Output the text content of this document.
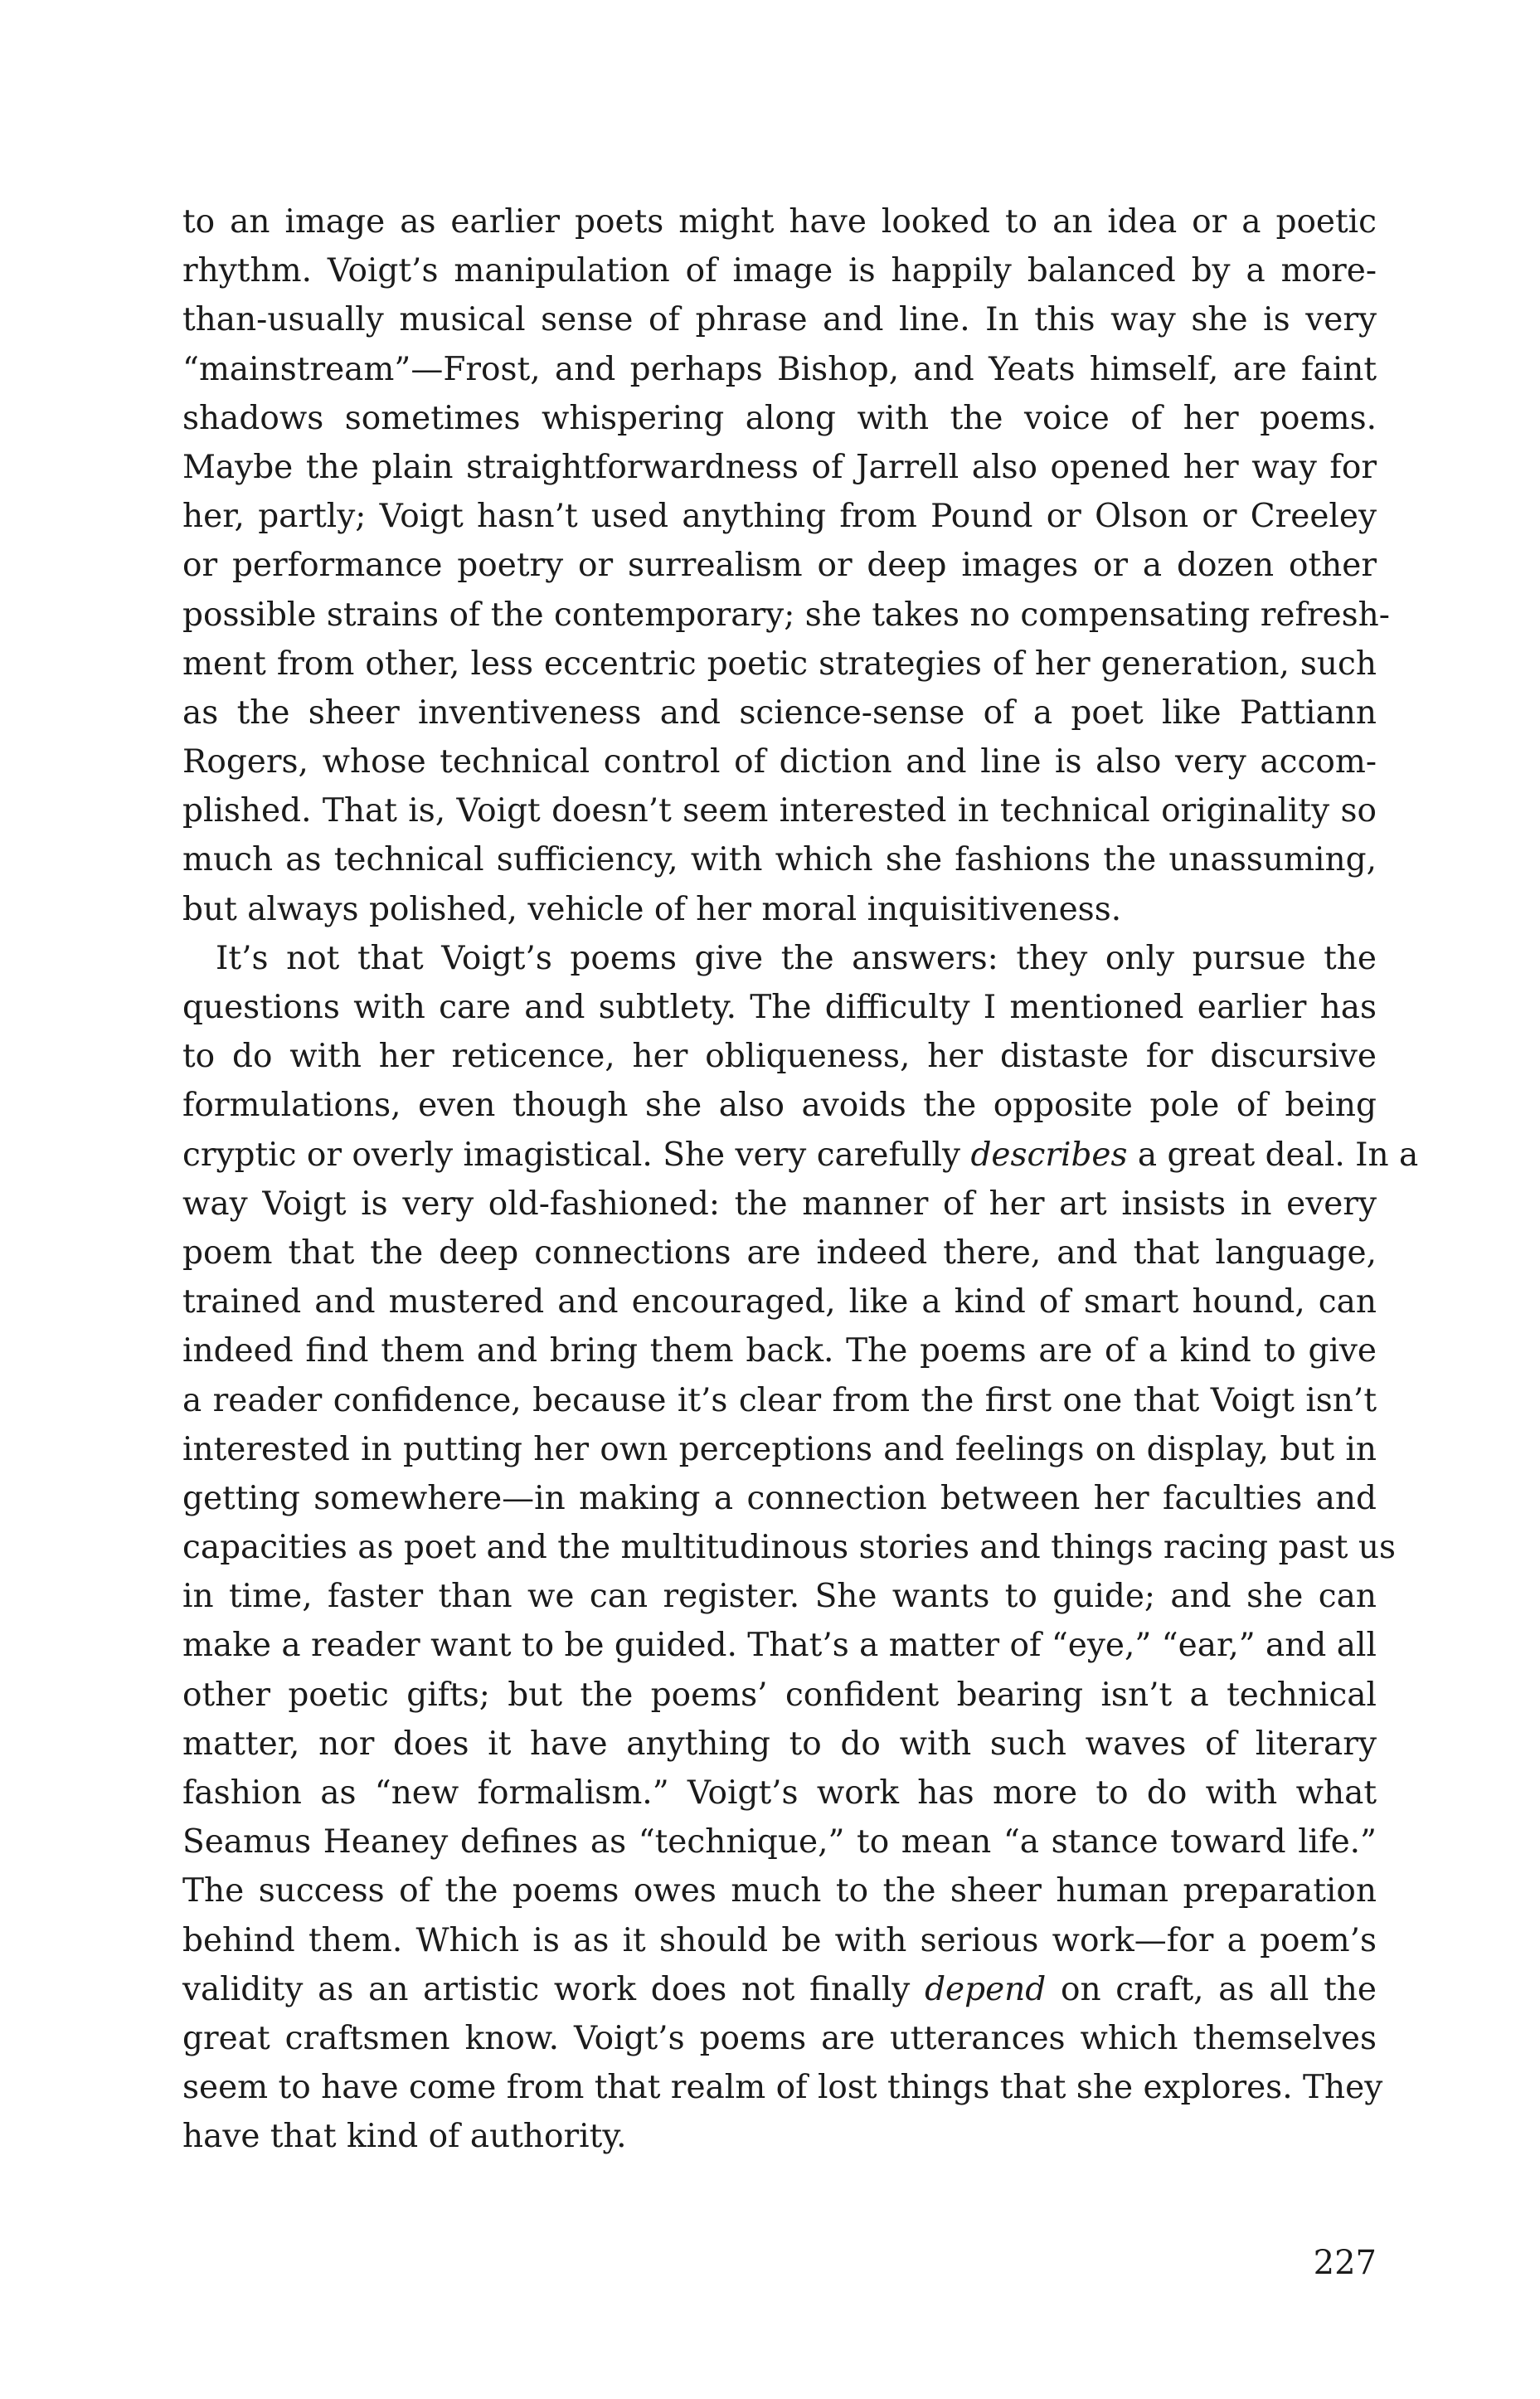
to an image as earlier poets might have looked to an idea or a poetic
rhythm. Voigt’s manipulation of image is happily balanced by a more-
than-usually musical sense of phrase and line. In this way she is very
“mainstream”—Frost, and perhaps Bishop, and Yeats himself, are faint
shadows sometimes whispering along with the voice of her poems.
Maybe the plain straightforwardness of Jarrell also opened her way for
her, partly; Voigt hasn’t used anything from Pound or Olson or Creeley
or performance poetry or surrealism or deep images or a dozen other
possible strains of the contemporary; she takes no compensating refresh-
ment from other, less eccentric poetic strategies of her generation, such
as the sheer inventiveness and science-sense of a poet like Pattiann
Rogers, whose technical control of diction and line is also very accom-
plished. That is, Voigt doesn’t seem interested in technical originality so
much as technical sufficiency, with which she fashions the unassuming,
but always polished, vehicle of her moral inquisitiveness.
It’s not that Voigt’s poems give the answers: they only pursue the
questions with care and subtlety. The difficulty I mentioned earlier has
to do with her reticence, her obliqueness, her distaste for discursive
formulations, even though she also avoids the opposite pole of being
cryptic or overly imagistical. She very carefully describes a great deal. In a
way Voigt is very old-fashioned: the manner of her art insists in every
poem that the deep connections are indeed there, and that language,
trained and mustered and encouraged, like a kind of smart hound, can
indeed find them and bring them back. The poems are of a kind to give
a reader confidence, because it’s clear from the first one that Voigt isn’t
interested in putting her own perceptions and feelings on display, but in
getting somewhere—in making a connection between her faculties and
capacities as poet and the multitudinous stories and things racing past us
in time, faster than we can register. She wants to guide; and she can
make a reader want to be guided. That’s a matter of “eye,” “ear,” and all
other poetic gifts; but the poems’ confident bearing isn’t a technical
matter, nor does it have anything to do with such waves of literary
fashion as “new formalism.” Voigt’s work has more to do with what
Seamus Heaney defines as “technique,” to mean “a stance toward life.”
The success of the poems owes much to the sheer human preparation
behind them. Which is as it should be with serious work—for a poem’s
validity as an artistic work does not finally depend on craft, as all the
great craftsmen know. Voigt’s poems are utterances which themselves
seem to have come from that realm of lost things that she explores. They
have that kind of authority.
227
